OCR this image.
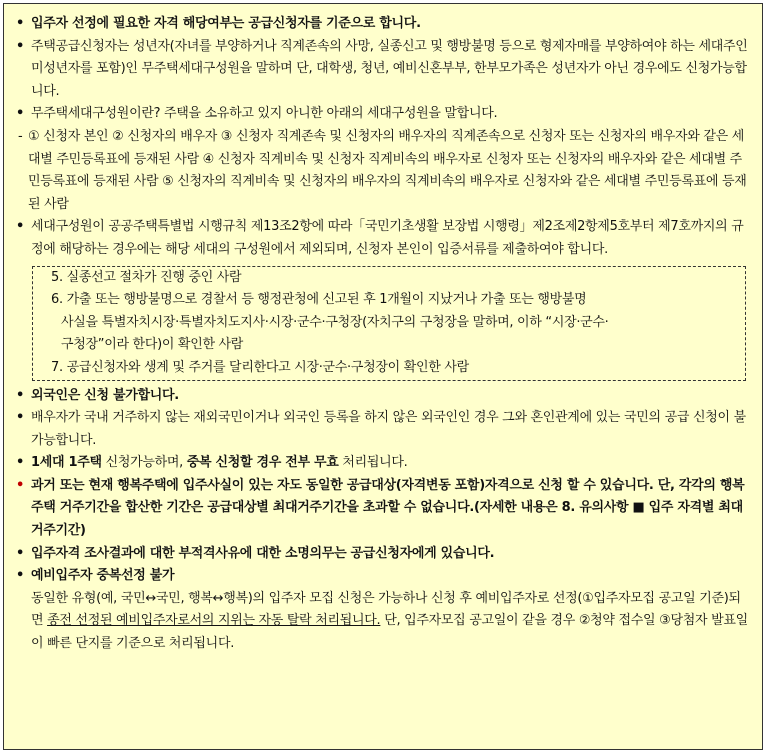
• 입주자 선정에 필요한 자격 해당여부는 공급신청자를 기준으로 합니다.
• 주택공급신청자는 성년자(자녀를 부양하거나 직계존속의 사망, 실종신고 및 행방불명 등으로 형제자매를 부양하여야 하는 세대주인 미성년자를 포함)인 무주택세대구성원을 말하며 단, 대학생, 청년, 예비신혼부부, 한부모가족은 성년자가 아닌 경우에도 신청가능합니다.
• 무주택세대구성원이란? 주택을 소유하고 있지 아니한 아래의 세대구성원을 말합니다.
- ① 신청자 본인 ② 신청자의 배우자 ③ 신청자 직계존속 및 신청자의 배우자의 직계존속으로 신청자 또는 신청자의 배우자와 같은 세대별 주민등록표에 등재된 사람 ④ 신청자 직계비속 및 신청자 직계비속의 배우자로 신청자 또는 신청자의 배우자와 같은 세대별 주민등록표에 등재된 사람 ⑤ 신청자의 직계비속 및 신청자의 배우자의 직계비속의 배우자로 신청자와 같은 세대별 주민등록표에 등재된 사람
• 세대구성원이 공공주택특별법 시행규칙 제13조2항에 따라「국민기초생활 보장법 시행령」제2조제2항제5호부터 제7호까지의 규정에 해당하는 경우에는 해당 세대의 구성원에서 제외되며, 신청자 본인이 입증서류를 제출하여야 합니다.
5. 실종선고 절차가 진행 중인 사람
6. 가출 또는 행방불명으로 경찰서 등 행정관청에 신고된 후 1개월이 지났거나 가출 또는 행방불명
사실을 특별자치시장·특별자치도지사·시장·군수·구청장(자치구의 구청장을 말하며, 이하 “시장·군수·
구청장”이라 한다)이 확인한 사람
7. 공급신청자와 생계 및 주거를 달리한다고 시장·군수·구청장이 확인한 사람
• 외국인은 신청 불가합니다.
• 배우자가 국내 거주하지 않는 재외국민이거나 외국인 등록을 하지 않은 외국인인 경우 그와 혼인관계에 있는 국민의 공급 신청이 불가능합니다.
• 1세대 1주택 신청가능하며, 중복 신청할 경우 전부 무효 처리됩니다.
• 과거 또는 현재 행복주택에 입주사실이 있는 자도 동일한 공급대상(자격변동 포함)자격으로 신청 할 수 있습니다. 단, 각각의 행복주택 거주기간을 합산한 기간은 공급대상별 최대거주기간을 초과할 수 없습니다.(자세한 내용은 8. 유의사항 ■ 입주 자격별 최대 거주기간)
• 입주자격 조사결과에 대한 부적격사유에 대한 소명의무는 공급신청자에게 있습니다.
• 예비입주자 중복선정 불가
동일한 유형(예, 국민↔국민, 행복↔행복)의 입주자 모집 신청은 가능하나 신청 후 예비입주자로 선정(①입주자모집 공고일 기준)되면 종전 선정된 예비입주자로서의 지위는 자동 탈락 처리됩니다. 단, 입주자모집 공고일이 같을 경우 ②청약 접수일 ③당첨자 발표일이 빠른 단지를 기준으로 처리됩니다.
